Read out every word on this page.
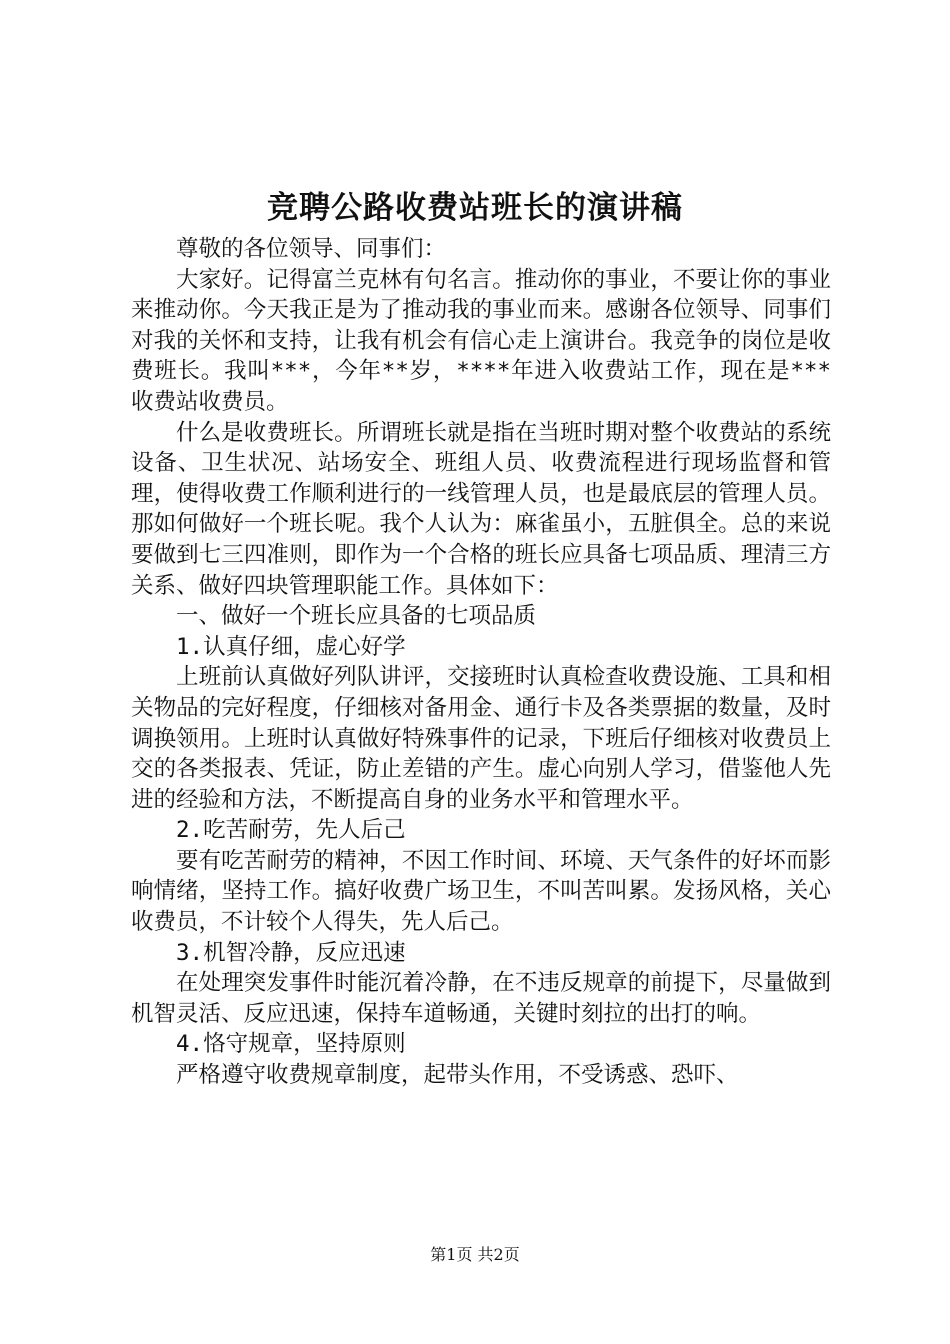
竞聘公路收费站班长的演讲稿

尊敬的各位领导、同事们：

大家好。记得富兰克林有句名言。推动你的事业，不要让你的事业来推动你。今天我正是为了推动我的事业而来。感谢各位领导、同事们对我的关怀和支持，让我有机会有信心走上演讲台。我竞争的岗位是收费班长。我叫***，今年**岁，****年进入收费站工作，现在是***收费站收费员。

什么是收费班长。所谓班长就是指在当班时期对整个收费站的系统设备、卫生状况、站场安全、班组人员、收费流程进行现场监督和管理，使得收费工作顺利进行的一线管理人员，也是最底层的管理人员。那如何做好一个班长呢。我个人认为：麻雀虽小，五脏俱全。总的来说要做到七三四准则，即作为一个合格的班长应具备七项品质、理清三方关系、做好四块管理职能工作。具体如下：

一、做好一个班长应具备的七项品质

1.认真仔细，虚心好学

上班前认真做好列队讲评，交接班时认真检查收费设施、工具和相关物品的完好程度，仔细核对备用金、通行卡及各类票据的数量，及时调换领用。上班时认真做好特殊事件的记录，下班后仔细核对收费员上交的各类报表、凭证，防止差错的产生。虚心向别人学习，借鉴他人先进的经验和方法，不断提高自身的业务水平和管理水平。

2.吃苦耐劳，先人后己

要有吃苦耐劳的精神，不因工作时间、环境、天气条件的好坏而影响情绪，坚持工作。搞好收费广场卫生，不叫苦叫累。发扬风格，关心收费员，不计较个人得失，先人后己。

3.机智冷静，反应迅速

在处理突发事件时能沉着冷静，在不违反规章的前提下，尽量做到机智灵活、反应迅速，保持车道畅通，关键时刻拉的出打的响。

4.恪守规章，坚持原则

严格遵守收费规章制度，起带头作用，不受诱惑、恐吓、

第1页 共2页
